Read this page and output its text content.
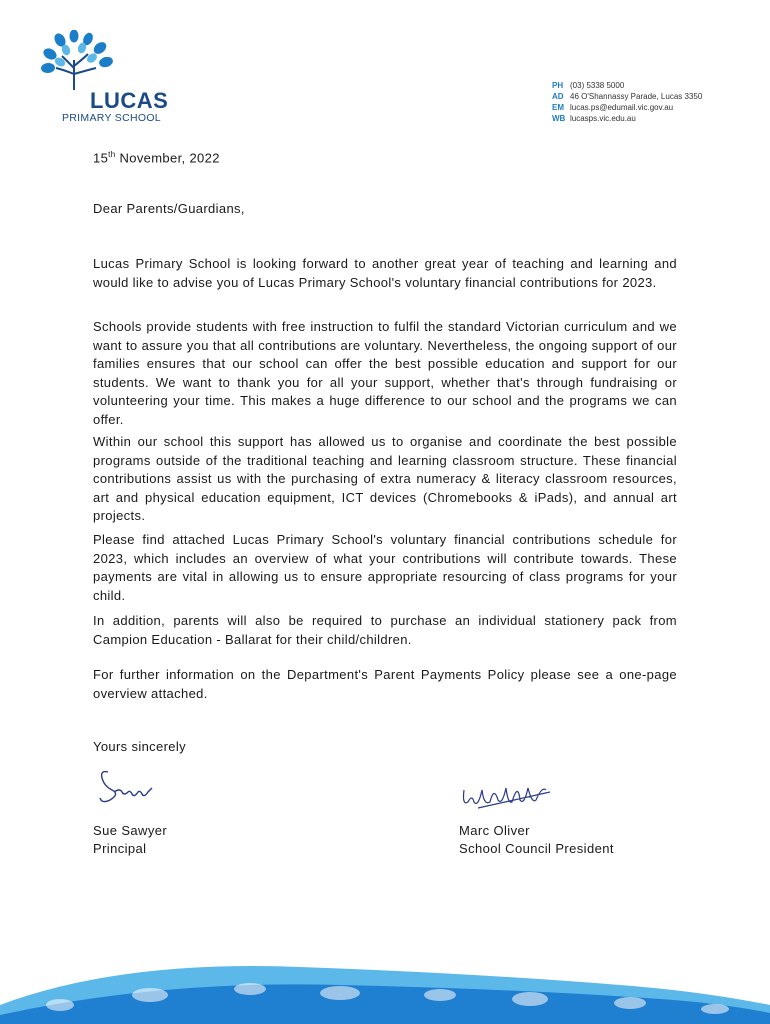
LUCAS
PRIMARY SCHOOL
PH (03) 5338 5000
AD 46 O'Shannassy Parade, Lucas 3350
EM lucas.ps@edumail.vic.gov.au
WB lucasps.vic.edu.au
15th November, 2022
Dear Parents/Guardians,

Lucas Primary School is looking forward to another great year of teaching and learning and would like to advise you of Lucas Primary School's voluntary financial contributions for 2023.

Schools provide students with free instruction to fulfil the standard Victorian curriculum and we want to assure you that all contributions are voluntary. Nevertheless, the ongoing support of our families ensures that our school can offer the best possible education and support for our students. We want to thank you for all your support, whether that's through fundraising or volunteering your time. This makes a huge difference to our school and the programs we can offer.

Within our school this support has allowed us to organise and coordinate the best possible programs outside of the traditional teaching and learning classroom structure. These financial contributions assist us with the purchasing of extra numeracy & literacy classroom resources, art and physical education equipment, ICT devices (Chromebooks & iPads), and annual art projects.

Please find attached Lucas Primary School's voluntary financial contributions schedule for 2023, which includes an overview of what your contributions will contribute towards. These payments are vital in allowing us to ensure appropriate resourcing of class programs for your child.

In addition, parents will also be required to purchase an individual stationery pack from Campion Education - Ballarat for their child/children.

For further information on the Department's Parent Payments Policy please see a one-page overview attached.

Yours sincerely
Sue Sawyer
Principal
Marc Oliver
School Council President
